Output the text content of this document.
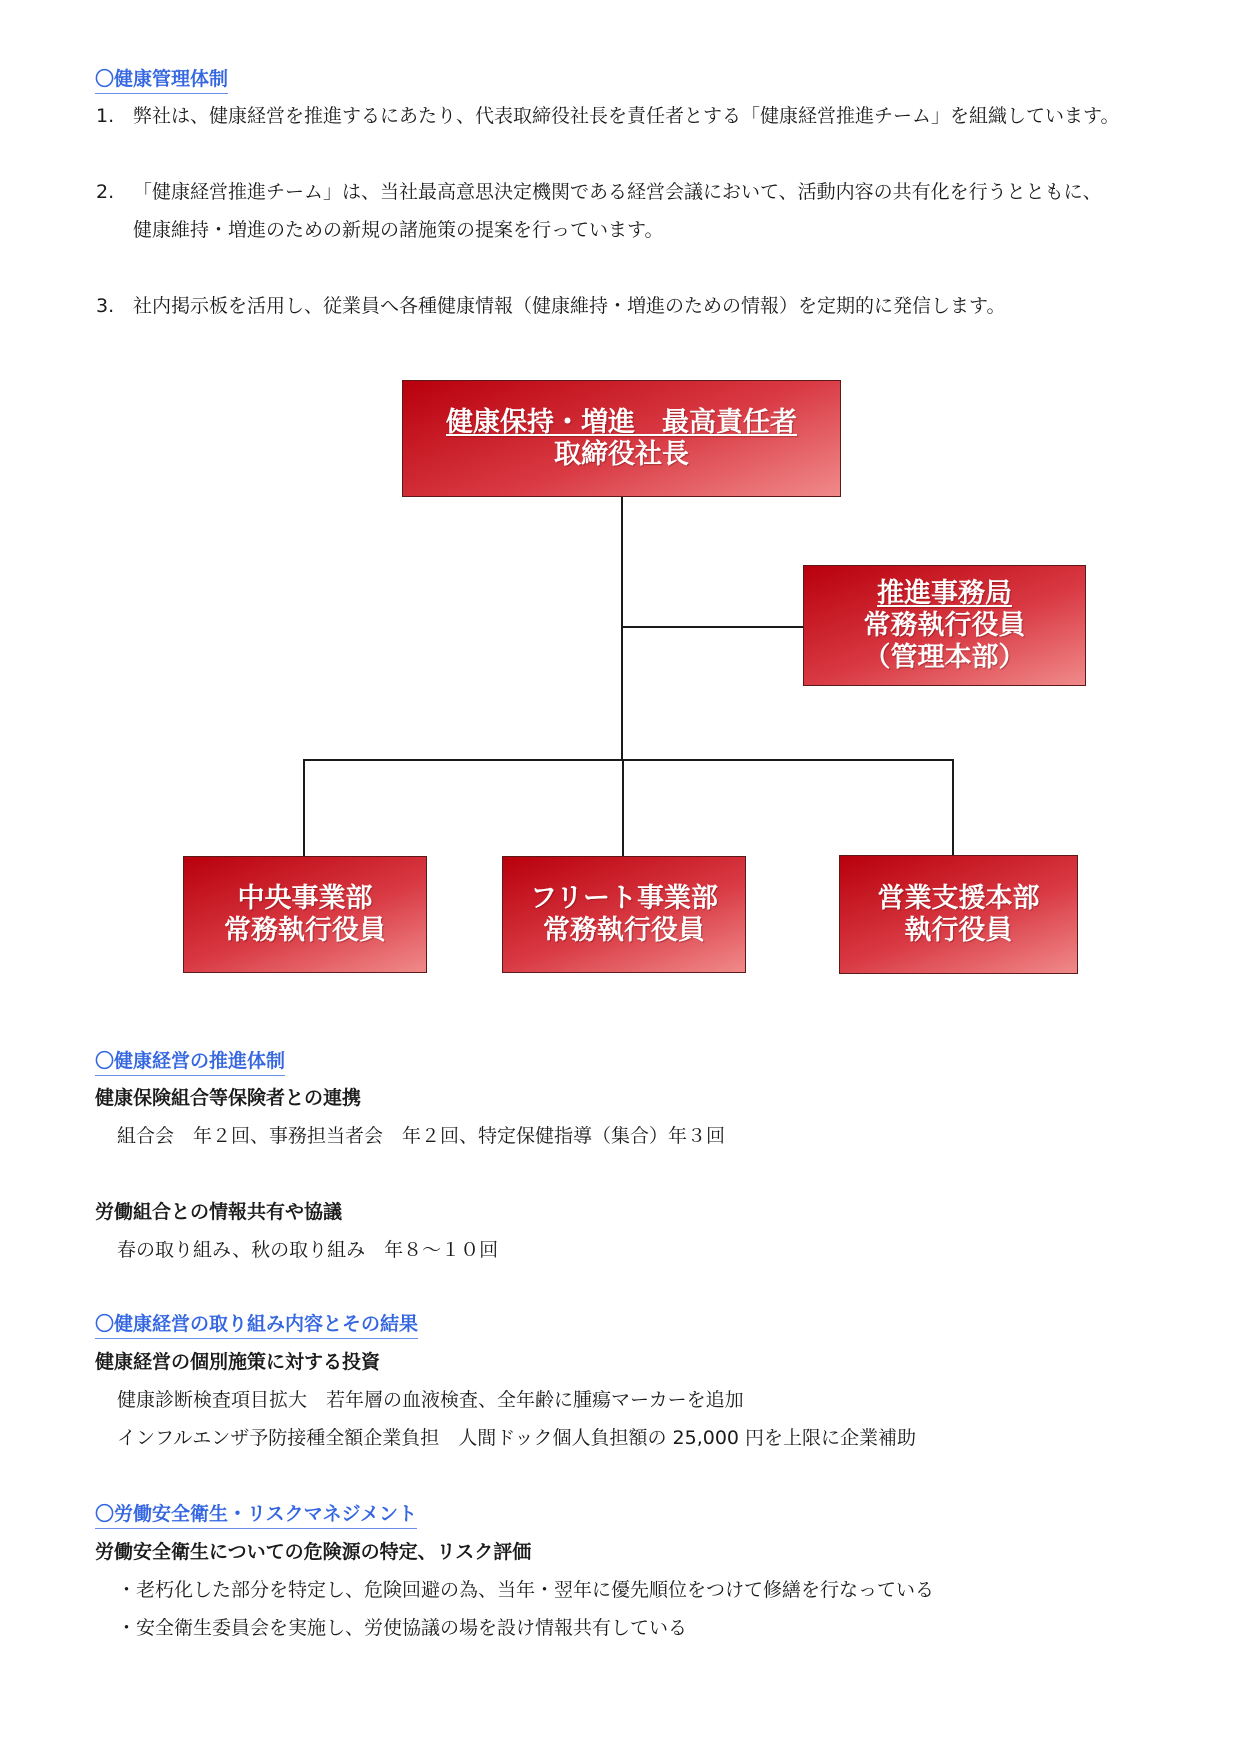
〇健康管理体制
1. 弊社は、健康経営を推進するにあたり、代表取締役社長を責任者とする「健康経営推進チーム」を組織しています。
2. 「健康経営推進チーム」は、当社最高意思決定機関である経営会議において、活動内容の共有化を行うとともに、
健康維持・増進のための新規の諸施策の提案を行っています。
3. 社内掲示板を活用し、従業員へ各種健康情報（健康維持・増進のための情報）を定期的に発信します。
健康保持・増進　最高責任者
取締役社長
推進事務局
常務執行役員
（管理本部）
中央事業部
常務執行役員
フリート事業部
常務執行役員
営業支援本部
執行役員
〇健康経営の推進体制
健康保険組合等保険者との連携
組合会　年２回、事務担当者会　年２回、特定保健指導（集合）年３回
労働組合との情報共有や協議
春の取り組み、秋の取り組み　年８～１０回
〇健康経営の取り組み内容とその結果
健康経営の個別施策に対する投資
健康診断検査項目拡大　若年層の血液検査、全年齢に腫瘍マーカーを追加
インフルエンザ予防接種全額企業負担　人間ドック個人負担額の 25,000 円を上限に企業補助
〇労働安全衛生・リスクマネジメント
労働安全衛生についての危険源の特定、リスク評価
・老朽化した部分を特定し、危険回避の為、当年・翌年に優先順位をつけて修繕を行なっている
・安全衛生委員会を実施し、労使協議の場を設け情報共有している
